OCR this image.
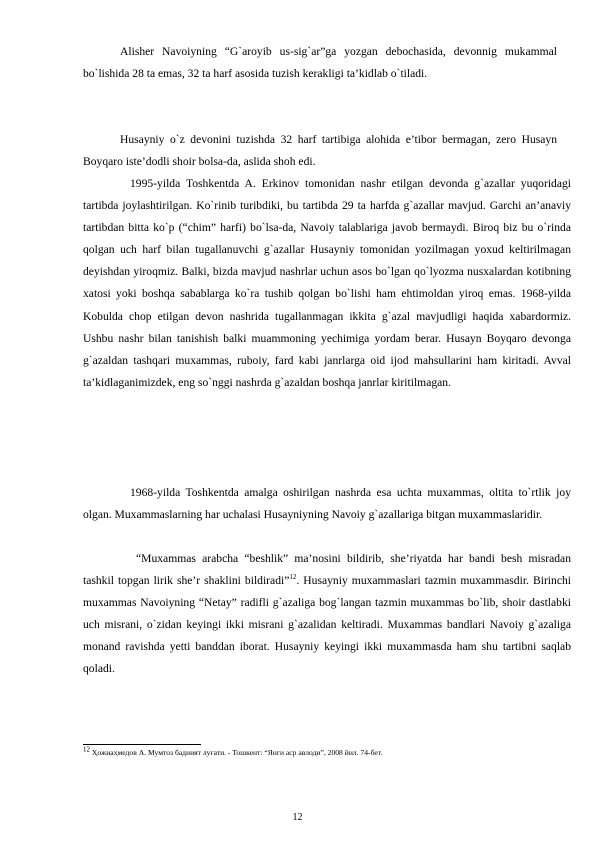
Alisher Navoiyning “G`aroyib us-sig`ar”ga yozgan debochasida, devonnig mukammal bo`lishida 28 ta emas, 32 ta harf asosida tuzish kerakligi ta’kidlab o`tiladi.

Husayniy o`z devonini tuzishda 32 harf tartibiga alohida e’tibor bermagan, zero Husayn Boyqaro iste’dodli shoir bolsa-da, aslida shoh edi.

1995-yilda Toshkentda A. Erkinov tomonidan nashr etilgan devonda g`azallar yuqoridagi tartibda joylashtirilgan. Ko`rinib turibdiki, bu tartibda 29 ta harfda g`azallar mavjud. Garchi an’anaviy tartibdan bitta ko`p (“chim” harfi) bo`lsa-da, Navoiy talablariga javob bermaydi. Biroq biz bu o`rinda qolgan uch harf bilan tugallanuvchi g`azallar Husayniy tomonidan yozilmagan yoxud keltirilmagan deyishdan yiroqmiz. Balki, bizda mavjud nashrlar uchun asos bo`lgan qo`lyozma nusxalardan kotibning xatosi yoki boshqa sabablarga ko`ra tushib qolgan bo`lishi ham ehtimoldan yiroq emas. 1968-yilda Kobulda chop etilgan devon nashrida tugallanmagan ikkita g`azal mavjudligi haqida xabardormiz. Ushbu nashr bilan tanishish balki muammoning yechimiga yordam berar. Husayn Boyqaro devonga g`azaldan tashqari muxammas, ruboiy, fard kabi janrlarga oid ijod mahsullarini ham kiritadi. Avval ta’kidlaganimizdek, eng so`nggi nashrda g`azaldan boshqa janrlar kiritilmagan.

1968-yilda Toshkentda amalga oshirilgan nashrda esa uchta muxammas, oltita to`rtlik joy olgan. Muxammaslarning har uchalasi Husayniyning Navoiy g`azallariga bitgan muxammaslaridir.

“Muxammas arabcha “beshlik” ma’nosini bildirib, she’riyatda har bandi besh misradan tashkil topgan lirik she’r shaklini bildiradi”$^{12}$. Husayniy muxammaslari tazmin muxammasdir. Birinchi muxammas Navoiyning “Netay” radifli g`azaliga bog`langan tazmin muxammas bo`lib, shoir dastlabki uch misrani, o`zidan keyingi ikki misrani g`azalidan keltiradi. Muxammas bandlari Navoiy g`azaliga monand ravishda yetti banddan iborat. Husayniy keyingi ikki muxammasda ham shu tartibni saqlab qoladi.

$^{12}$ Ҳожиаҳмедов А. Мумтоз бадиият луғати. - Тошкент: “Янги аср авлоди”, 2008 йил. 74-бет.

12
